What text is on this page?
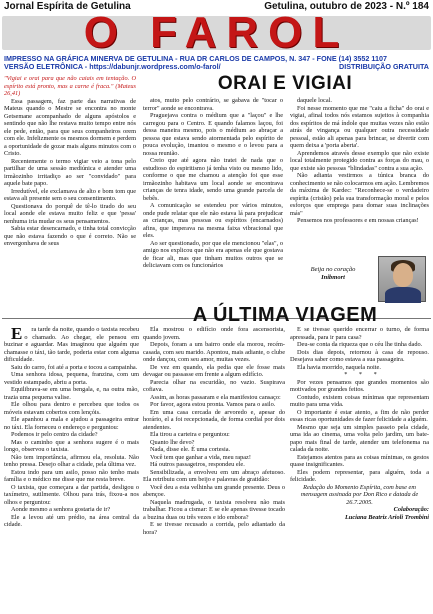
Jornal Espírita de Getulina	Getulina, outubro de 2023 - N.º 184
O FAROL
IMPRESSO NA GRÁFICA MINERVA DE GETULINA - RUA DR CARLOS DE CAMPOS, N. 347 - FONE (14) 3552 1107
VERSÃO ELETRÔNICA - https://dabunjr.wordpress.com/o-farol/	DISTRIBUIÇÃO GRATUITA
ORAI E VIGIAI

"Vigiai e orai para que não caiais em tentação. O espírito está pronto, mas a carne é fraca." (Mateus 26,41)

Essa passagem, faz parte das narrativas de Mateus quando o Mestre se encontra no monte Getsemane acompanhado de alguns apóstolos e sentindo que não lhe restava muito tempo entre nós ele pede, então, para que seus companheiros orem com ele. Infelizmente os mesmos dormem e perdem a oportunidade de gozar mais alguns minutos com o Cristo.

Recentemente o termo vigiar veio a tona pelo partilhar de uma sessão mediúnica e atender uma irmãozinho irritadiço ao ser "convidado" para aquele bate papo.

Irredutível, ele exclamava de alto e bom tom que estava ali presente sem o seu consentimento.

Questionava do porquê de tê-lo tirado do seu local aonde ele estava muito feliz e que 'pessa' nenhuma iria mudar os seus pensamentos.

Sabia estar desencarnado, e tinha total convicção que não estava fazendo o que é correto. Não se envergonhava de seus

atos, muito pelo contrário, se gabava de "tocar o terror" aonde se encontrava.

Praguejava contra o médium que a "laçou" e lhe carregou para o Centro. E quando falamos laçou, foi dessa maneira mesmo, pois o médium ao abraçar a pessoa que estava sendo atormentada pelo espírito de pouca evolução, imantou o mesmo e o levou para a nossa reunião.

Creio que até agora não tratei de nada que o estudioso do espiritismo já tenha visto ou mesmo lido, conforme o que me chamou a atenção foi que esse irmãozinho habitava um local aonde se encontrava crianças de tenra idade, sendo uma grande parcela de bebês.

A comunicação se estendeu por vários minutos, onde pude relatar que ele não estava lá para prejudicar as crianças, mas pessoas ou espíritos (encarnados) afins, que imperava na mesma faixa vibracional que eles.

Ao ser questionado, por que ele mencionou "elas", o amigo nos explicou que não era apenas ele que gostava de ficar ali, mas que tinham muitos outros que se deliciavam com os funcionários

daquele local.

Foi nesse momento que me "caiu a ficha" do orai e vigiai, afinal todos nós estamos sujeitos à companhia dos espíritos de má índole que muitas vezes não estão atrás de vingança ou qualquer outra necessidade pessoal, estão ali apenas para brincar, se divertir com quem deixa a 'porta aberta'.

Aprendemos através desse exemplo que não existe local totalmente protegido contra as forças do mau, o que existe são pessoas "blindadas" contra a sua ação.

Não adianta vestirmos a túnica branca do conhecimento se não colocarmos em ação. Lembremos da máxima de Kardec: "Reconhece-se o verdadeiro espírita (cristão) pela sua transformação moral e pelos esforços que emprega para domar suas inclinações más"

Pensemos nos professores e em nossas crianças!

Beija no coração
Inibmort
A ÚLTIMA VIAGEM

E ra tarde da noite, quando o taxista recebeu o chamado. Ao chegar, ele pensou em buzinar e aguardar. Mas imaginou que alguém que chamasse o táxi, tão tarde, poderia estar com alguma dificuldade.

Saiu do carro, foi até a porta e tocou a campainha.

Uma senhora idosa, pequena, franzina, com um vestido estampado, abriu a porta.

Equilibrava-se em uma bengala, e, na outra mão, trazia uma pequena valise.

Ele olhou para dentro e percebeu que todos os móveis estavam cobertos com lençóis.

Ele apanhou a mala e ajudou a passageira entrar no táxi. Ela forneceu o endereço e perguntou:

Podemos ir pelo centro da cidade?

Mas o caminho que a senhora sugere é o mais longo, observou o taxista.

Não tem importância, afirmou ela, resoluta. Não tenho pressa. Desejo olhar a cidade, pela última vez.

Estou indo para um asilo, posso não tenho mais família e o médico me disse que me resta breve.

O taxista, que começara a dar partida, desligou o taxímetro, sutilmente. Olhou para trás, fixou-a nos olhos e perguntou:

Aonde mesmo a senhora gostaria de ir?

Ele a levou até um prédio, na área central da cidade.

Ela mostrou o edifício onde fora ascensorista, quando jovem.

Depois, foram a um bairro onde ela morou, recém-casada, com seu marido. Apontou, mais adiante, o clube onde dançou, com seu amor, muitas vezes.

De vez em quando, ela pedia que ele fosse mais devagar ou passasse em frente a algum edifício.

Parecia olhar na escuridão, no vazio. Suspirava cofiava.

Assim, as horas passaram e ela manifestou cansaço:

Por favor, agora estou pronta. Vamos para o asilo.

Em uma casa cercada de arvoredo e, apesar do horário, el a foi recepcionada, de forma cordial por dois atendentes.

Ela tirou a carteira e perguntou:

Quanto lhe devo?

Nada, disse ele. É uma cortesia.

Você tem que ganhar a vida, meu rapaz!

Há outros passageiros, respondeu ele.

Sensibilizada, a envolveu em um abraço afetuoso. Ela retribuiu com um beijo e palavras de gratidão:

Você deu a esta velhinha um grande presente. Deus o abençoe.

Naquela madrugada, o taxista resolveu não mais trabalhar. Ficou a cismar: E se ele apenas tivesse tocado a buzina duas ou três vezes e ido embora?

E se tivesse recusado a corrida, pelo adiantado da hora?

E se tivesse querido encerrar o turno, de forma apressada, para ir para casa?

Deu-se conta da riqueza que o céu lhe tinha dado.

Dois dias depois, retornou à casa de repouso. Desejava saber como estava a sua passageira.

Ela havia morrido, naquela noite.

* * *

Por vezes pensamos que grandes momentos são motivados por grandes feitos.

Contudo, existem coisas mínimas que representam muito para uma vida.

O importante é estar atento, a fim de não perder essas ricas oportunidades de fazer felicidade a alguém.

Mesmo que seja um simples passeio pela cidade, uma ida ao cinema, uma volta pelo jardim, um bate-papo mais final de tarde, atender um telefonema na calada da noite.

Estejamos atentos para as coisas mínimas, os gestos quase insignificantes.

Eles podem representar, para alguém, toda a felicidade.

Redação do Momento Espírita, com base em mensagem assinada por Don Rico e datada de 26.7.2005.

Colaboração:

Luciana Beatriz Arioli Trombini
